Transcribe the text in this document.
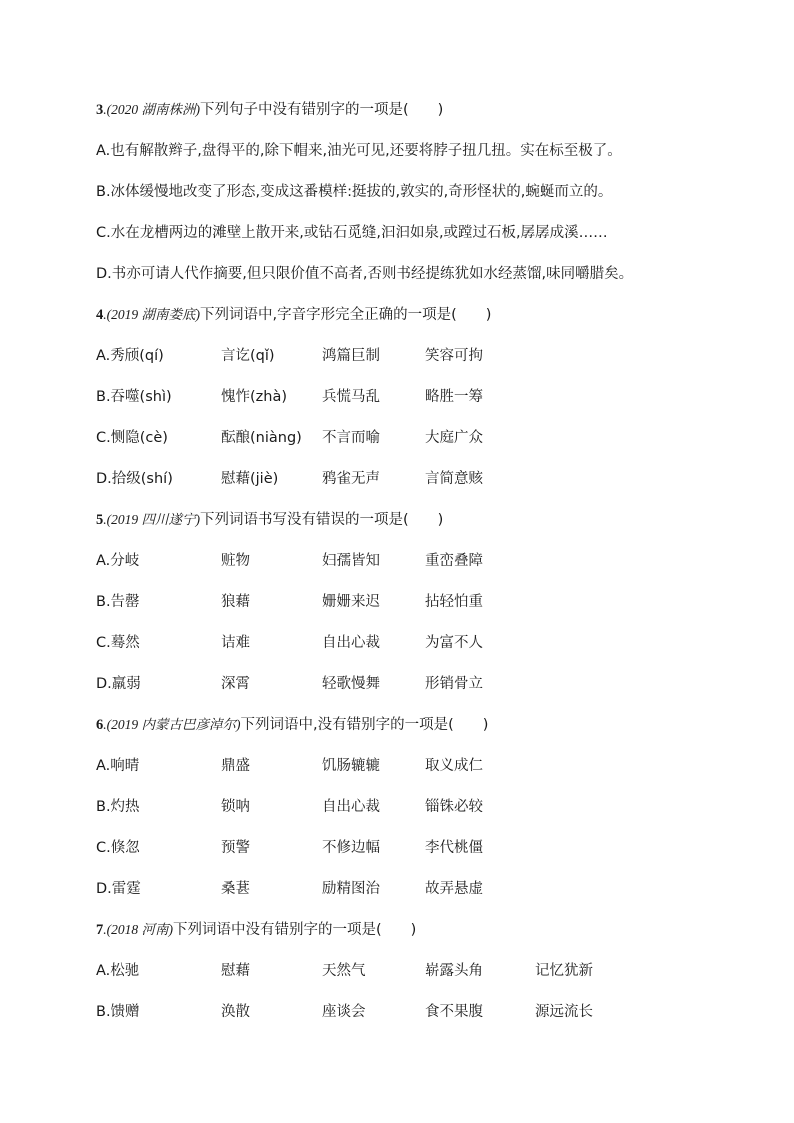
3.(2020 湖南株洲)下列句子中没有错别字的一项是(　　)
A.也有解散辫子,盘得平的,除下帽来,油光可见,还要将脖子扭几扭。实在标至极了。
B.冰体缓慢地改变了形态,变成这番模样:挺拔的,敦实的,奇形怪状的,蜿蜒而立的。
C.水在龙槽两边的滩壁上散开来,或钻石觅缝,汩汩如泉,或蹚过石板,孱孱成溪……
D.书亦可请人代作摘要,但只限价值不高者,否则书经提练犹如水经蒸馏,味同嚼腊矣。
4.(2019 湖南娄底)下列词语中,字音字形完全正确的一项是(　　)
A.秀颀(qí)	言讫(qǐ)	鸿篇巨制	笑容可拘
B.吞噬(shì)	愧怍(zhà) 兵慌马乱	略胜一筹
C.恻隐(cè)	酝酿(niàng) 不言而喻	大庭广众
D.拾级(shí)	慰藉(jiè)	鸦雀无声	言简意赅
5.(2019 四川遂宁)下列词语书写没有错误的一项是(　　)
A.分岐	赃物	妇孺皆知	重峦叠障
B.告罄	狼藉	姗姗来迟	拈轻怕重
C.蓦然	诘难	自出心裁	为富不人
D.羸弱	深霄	轻歌慢舞	形销骨立
6.(2019 内蒙古巴彦淖尔)下列词语中,没有错别字的一项是(　　)
A.响晴	鼎盛	饥肠辘辘	取义成仁
B.灼热	锁呐	自出心裁	锱铢必较
C.倏忽	预警	不修边幅	李代桃僵
D.雷霆	桑葚	励精图治	故弄悬虚
7.(2018 河南)下列词语中没有错别字的一项是(　　)
A.松驰	慰藉	天然气	崭露头角	记忆犹新
B.馈赠	涣散	座谈会	食不果腹	源远流长
